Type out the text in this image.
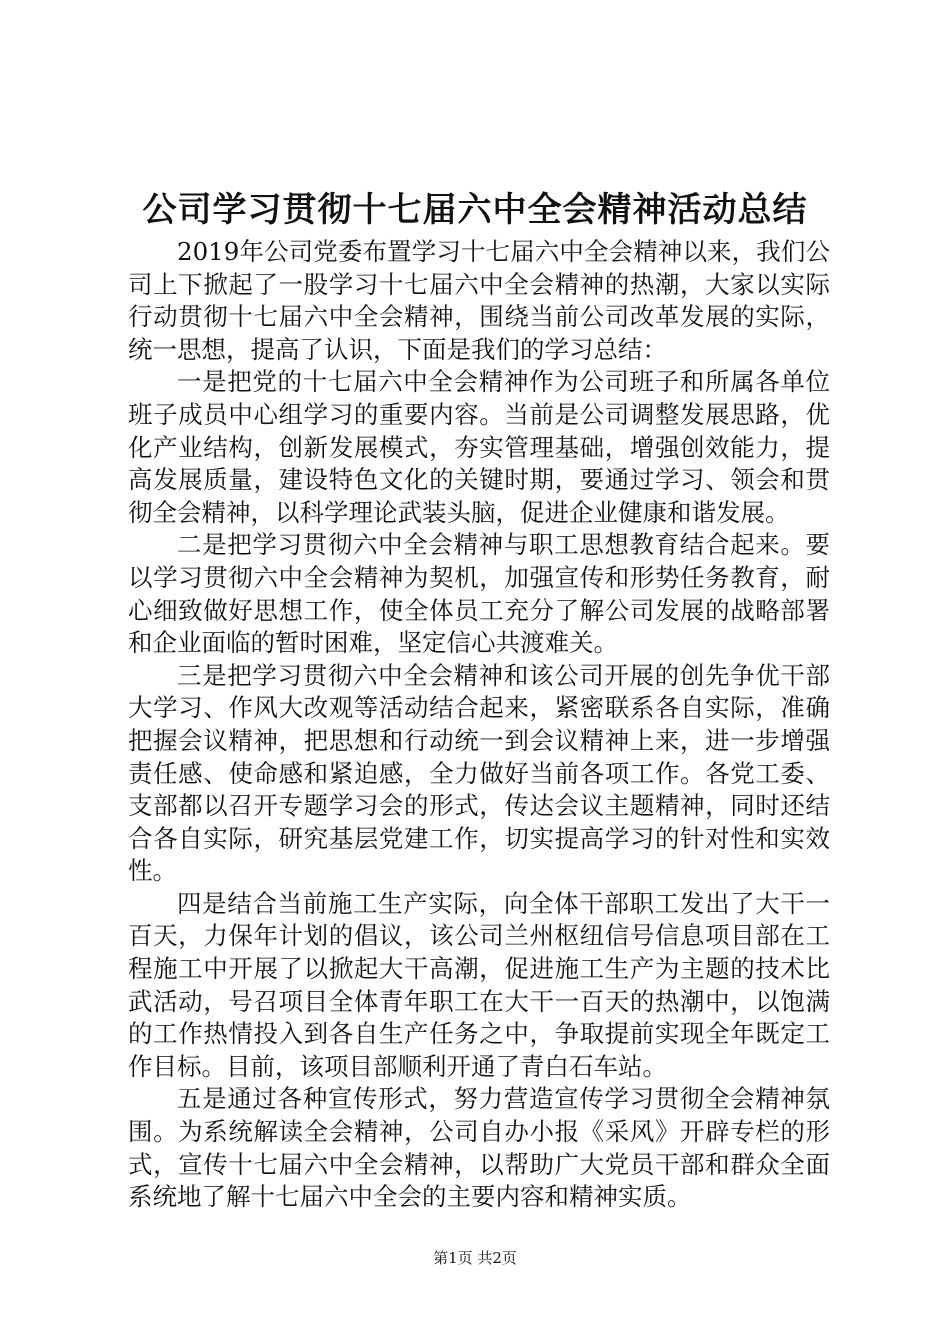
公司学习贯彻十七届六中全会精神活动总结

2019年公司党委布置学习十七届六中全会精神以来，我们公司上下掀起了一股学习十七届六中全会精神的热潮，大家以实际行动贯彻十七届六中全会精神，围绕当前公司改革发展的实际，统一思想，提高了认识，下面是我们的学习总结：

一是把党的十七届六中全会精神作为公司班子和所属各单位班子成员中心组学习的重要内容。当前是公司调整发展思路，优化产业结构，创新发展模式，夯实管理基础，增强创效能力，提高发展质量，建设特色文化的关键时期，要通过学习、领会和贯彻全会精神，以科学理论武装头脑，促进企业健康和谐发展。

二是把学习贯彻六中全会精神与职工思想教育结合起来。要以学习贯彻六中全会精神为契机，加强宣传和形势任务教育，耐心细致做好思想工作，使全体员工充分了解公司发展的战略部署和企业面临的暂时困难，坚定信心共渡难关。

三是把学习贯彻六中全会精神和该公司开展的创先争优干部大学习、作风大改观等活动结合起来，紧密联系各自实际，准确把握会议精神，把思想和行动统一到会议精神上来，进一步增强责任感、使命感和紧迫感，全力做好当前各项工作。各党工委、支部都以召开专题学习会的形式，传达会议主题精神，同时还结合各自实际，研究基层党建工作，切实提高学习的针对性和实效性。

四是结合当前施工生产实际，向全体干部职工发出了大干一百天，力保年计划的倡议，该公司兰州枢纽信号信息项目部在工程施工中开展了以掀起大干高潮，促进施工生产为主题的技术比武活动，号召项目全体青年职工在大干一百天的热潮中，以饱满的工作热情投入到各自生产任务之中，争取提前实现全年既定工作目标。目前，该项目部顺利开通了青白石车站。

五是通过各种宣传形式，努力营造宣传学习贯彻全会精神氛围。为系统解读全会精神，公司自办小报《采风》开辟专栏的形式，宣传十七届六中全会精神，以帮助广大党员干部和群众全面系统地了解十七届六中全会的主要内容和精神实质。

第1页 共2页
